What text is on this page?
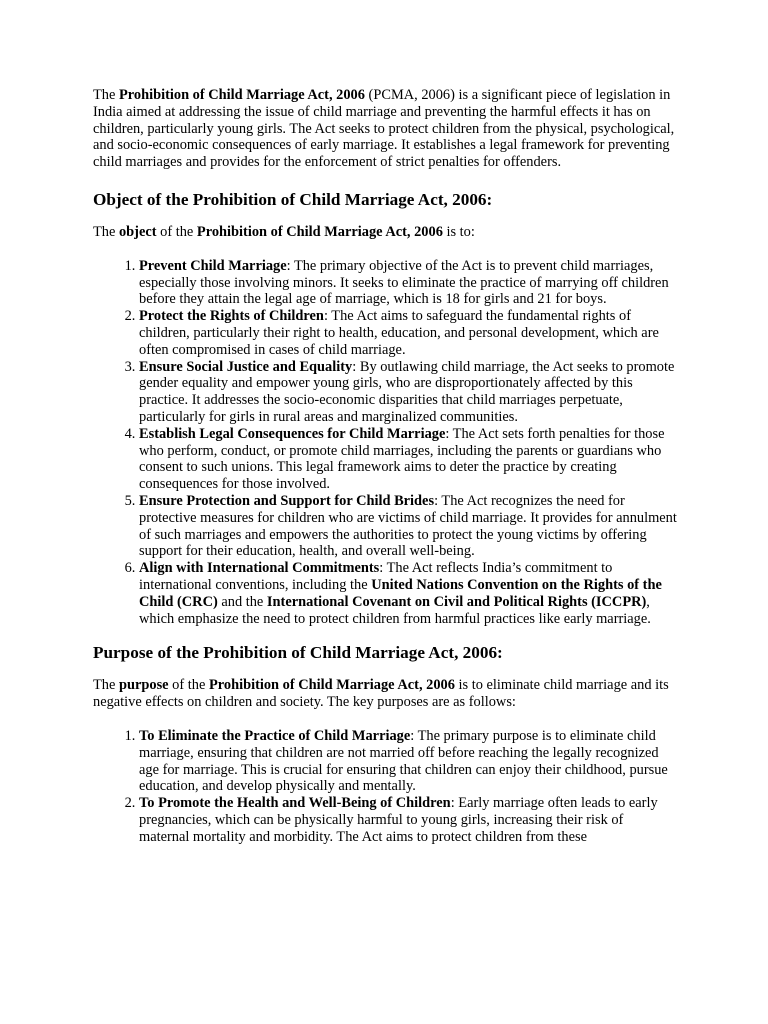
The Prohibition of Child Marriage Act, 2006 (PCMA, 2006) is a significant piece of legislation in India aimed at addressing the issue of child marriage and preventing the harmful effects it has on children, particularly young girls. The Act seeks to protect children from the physical, psychological, and socio-economic consequences of early marriage. It establishes a legal framework for preventing child marriages and provides for the enforcement of strict penalties for offenders.

Object of the Prohibition of Child Marriage Act, 2006:

The object of the Prohibition of Child Marriage Act, 2006 is to:

1. Prevent Child Marriage: The primary objective of the Act is to prevent child marriages, especially those involving minors. It seeks to eliminate the practice of marrying off children before they attain the legal age of marriage, which is 18 for girls and 21 for boys.
2. Protect the Rights of Children: The Act aims to safeguard the fundamental rights of children, particularly their right to health, education, and personal development, which are often compromised in cases of child marriage.
3. Ensure Social Justice and Equality: By outlawing child marriage, the Act seeks to promote gender equality and empower young girls, who are disproportionately affected by this practice. It addresses the socio-economic disparities that child marriages perpetuate, particularly for girls in rural areas and marginalized communities.
4. Establish Legal Consequences for Child Marriage: The Act sets forth penalties for those who perform, conduct, or promote child marriages, including the parents or guardians who consent to such unions. This legal framework aims to deter the practice by creating consequences for those involved.
5. Ensure Protection and Support for Child Brides: The Act recognizes the need for protective measures for children who are victims of child marriage. It provides for annulment of such marriages and empowers the authorities to protect the young victims by offering support for their education, health, and overall well-being.
6. Align with International Commitments: The Act reflects India’s commitment to international conventions, including the United Nations Convention on the Rights of the Child (CRC) and the International Covenant on Civil and Political Rights (ICCPR), which emphasize the need to protect children from harmful practices like early marriage.
Purpose of the Prohibition of Child Marriage Act, 2006:

The purpose of the Prohibition of Child Marriage Act, 2006 is to eliminate child marriage and its negative effects on children and society. The key purposes are as follows:

1. To Eliminate the Practice of Child Marriage: The primary purpose is to eliminate child marriage, ensuring that children are not married off before reaching the legally recognized age for marriage. This is crucial for ensuring that children can enjoy their childhood, pursue education, and develop physically and mentally.
2. To Promote the Health and Well-Being of Children: Early marriage often leads to early pregnancies, which can be physically harmful to young girls, increasing their risk of maternal mortality and morbidity. The Act aims to protect children from these
